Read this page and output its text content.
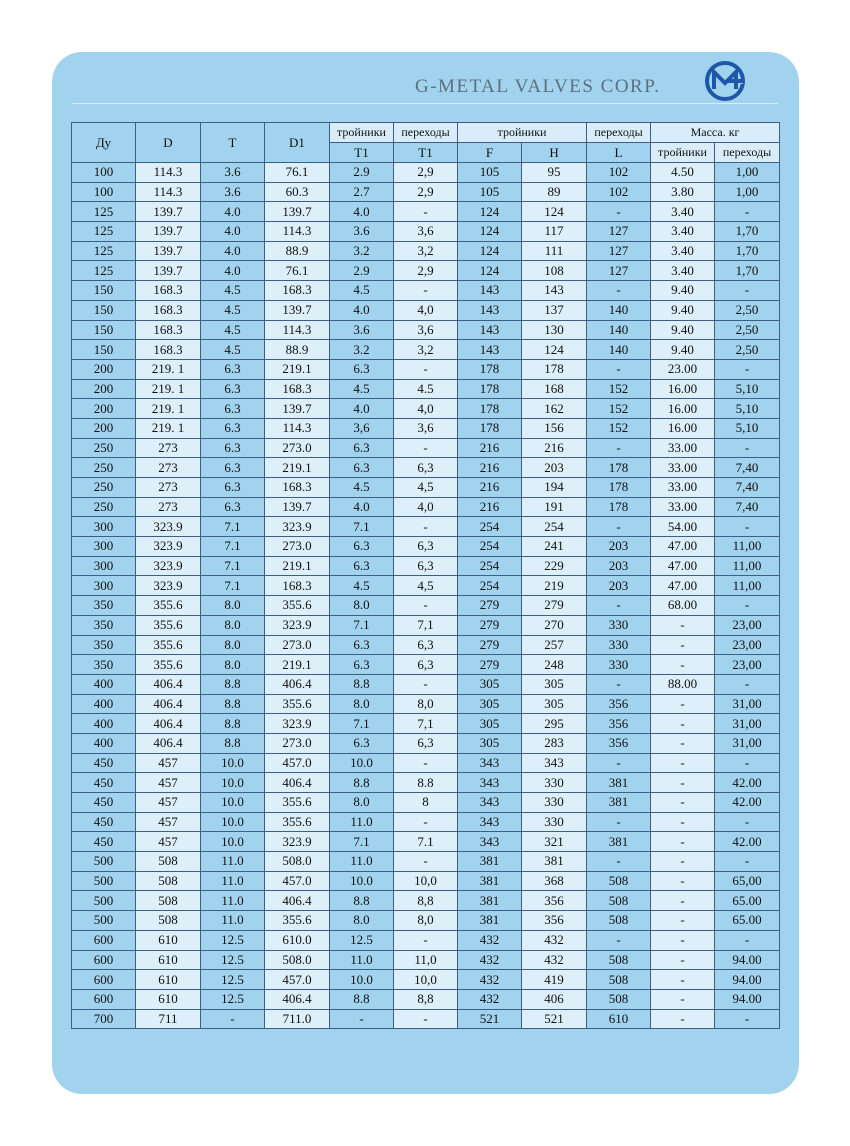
G-METAL VALVES CORP.
Ду	D	T	D1	тройники	переходы	тройники		переходы	Масса. кг	
				T1	T1	F	H	L	тройники	переходы
100	114.3	3.6	76.1	2.9	2,9	105	95	102	4.50	1,00
100	114.3	3.6	60.3	2.7	2,9	105	89	102	3.80	1,00
125	139.7	4.0	139.7	4.0	-	124	124	-	3.40	-
125	139.7	4.0	114.3	3.6	3,6	124	117	127	3.40	1,70
125	139.7	4.0	88.9	3.2	3,2	124	111	127	3.40	1,70
125	139.7	4.0	76.1	2.9	2,9	124	108	127	3.40	1,70
150	168.3	4.5	168.3	4.5	-	143	143	-	9.40	-
150	168.3	4.5	139.7	4.0	4,0	143	137	140	9.40	2,50
150	168.3	4.5	114.3	3.6	3,6	143	130	140	9.40	2,50
150	168.3	4.5	88.9	3.2	3,2	143	124	140	9.40	2,50
200	219. 1	6.3	219.1	6.3	-	178	178	-	23.00	-
200	219. 1	6.3	168.3	4.5	4.5	178	168	152	16.00	5,10
200	219. 1	6.3	139.7	4.0	4,0	178	162	152	16.00	5,10
200	219. 1	6.3	114.3	3,6	3,6	178	156	152	16.00	5,10
250	273	6.3	273.0	6.3	-	216	216	-	33.00	-
250	273	6.3	219.1	6.3	6,3	216	203	178	33.00	7,40
250	273	6.3	168.3	4.5	4,5	216	194	178	33.00	7,40
250	273	6.3	139.7	4.0	4,0	216	191	178	33.00	7,40
300	323.9	7.1	323.9	7.1	-	254	254	-	54.00	-
300	323.9	7.1	273.0	6.3	6,3	254	241	203	47.00	11,00
300	323.9	7.1	219.1	6.3	6,3	254	229	203	47.00	11,00
300	323.9	7.1	168.3	4.5	4,5	254	219	203	47.00	11,00
350	355.6	8.0	355.6	8.0	-	279	279	-	68.00	-
350	355.6	8.0	323.9	7.1	7,1	279	270	330	-	23,00
350	355.6	8.0	273.0	6.3	6,3	279	257	330	-	23,00
350	355.6	8.0	219.1	6.3	6,3	279	248	330	-	23,00
400	406.4	8.8	406.4	8.8	-	305	305	-	88.00	-
400	406.4	8.8	355.6	8.0	8,0	305	305	356	-	31,00
400	406.4	8.8	323.9	7.1	7,1	305	295	356	-	31,00
400	406.4	8.8	273.0	6.3	6,3	305	283	356	-	31,00
450	457	10.0	457.0	10.0	-	343	343	-	-	-
450	457	10.0	406.4	8.8	8.8	343	330	381	-	42.00
450	457	10.0	355.6	8.0	8	343	330	381	-	42.00
450	457	10.0	355.6	11.0	-	343	330	-	-	-
450	457	10.0	323.9	7.1	7.1	343	321	381	-	42.00
500	508	11.0	508.0	11.0	-	381	381	-	-	-
500	508	11.0	457.0	10.0	10,0	381	368	508	-	65,00
500	508	11.0	406.4	8.8	8,8	381	356	508	-	65.00
500	508	11.0	355.6	8.0	8,0	381	356	508	-	65.00
600	610	12.5	610.0	12.5	-	432	432	-	-	-
600	610	12.5	508.0	11.0	11,0	432	432	508	-	94.00
600	610	12.5	457.0	10.0	10,0	432	419	508	-	94.00
600	610	12.5	406.4	8.8	8,8	432	406	508	-	94.00
700	711	-	711.0	-	-	521	521	610	-	-
